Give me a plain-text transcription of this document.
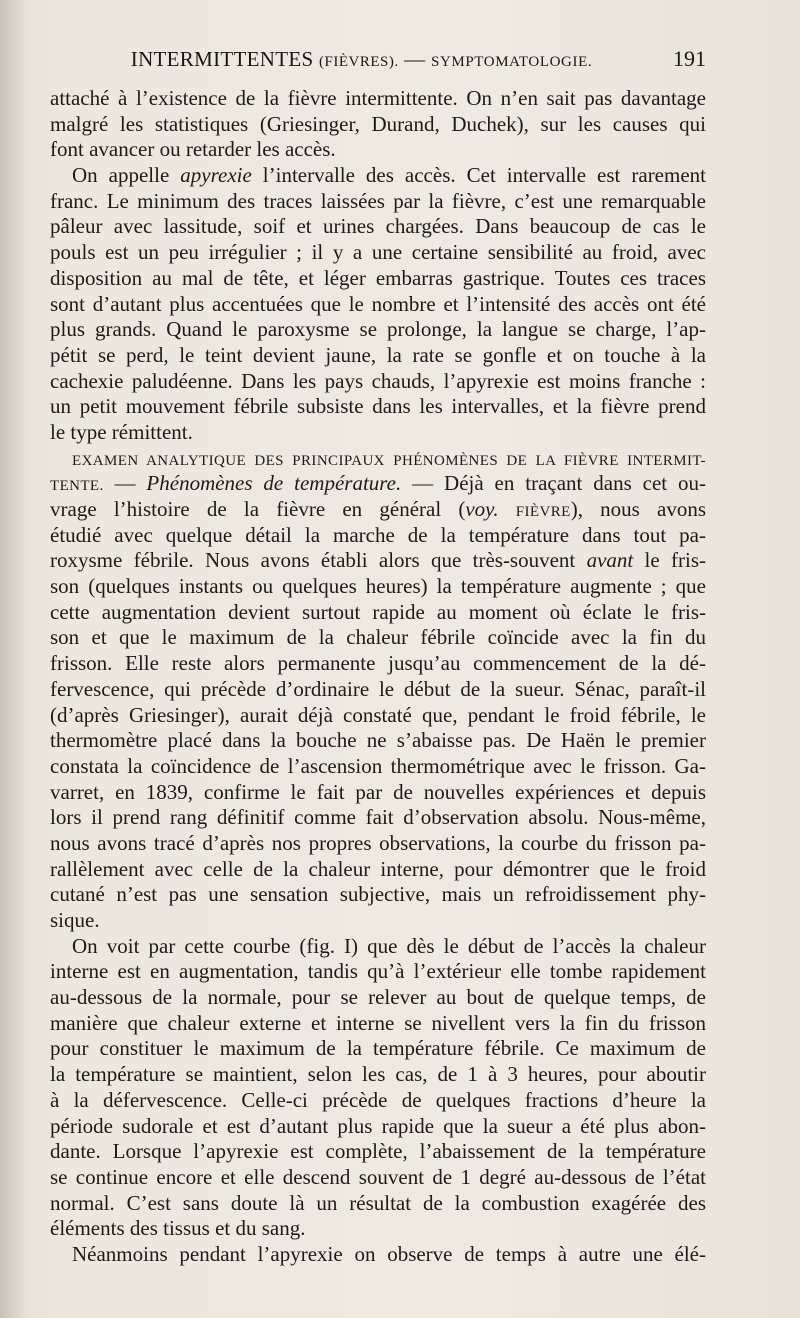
INTERMITTENTES (FIÈVRES). — SYMPTOMATOLOGIE.	191
attaché à l’existence de la fièvre intermittente. On n’en sait pas davantage
malgré les statistiques (Griesinger, Durand, Duchek), sur les causes qui
font avancer ou retarder les accès.
On appelle apyrexie l’intervalle des accès. Cet intervalle est rarement
franc. Le minimum des traces laissées par la fièvre, c’est une remarquable
pâleur avec lassitude, soif et urines chargées. Dans beaucoup de cas le
pouls est un peu irrégulier ; il y a une certaine sensibilité au froid, avec
disposition au mal de tête, et léger embarras gastrique. Toutes ces traces
sont d’autant plus accentuées que le nombre et l’intensité des accès ont été
plus grands. Quand le paroxysme se prolonge, la langue se charge, l’ap-
pétit se perd, le teint devient jaune, la rate se gonfle et on touche à la
cachexie paludéenne. Dans les pays chauds, l’apyrexie est moins franche :
un petit mouvement fébrile subsiste dans les intervalles, et la fièvre prend
le type rémittent.
EXAMEN ANALYTIQUE DES PRINCIPAUX PHÉNOMÈNES DE LA FIÈVRE INTERMIT-
TENTE. — Phénomènes de température. — Déjà en traçant dans cet ou-
vrage l’histoire de la fièvre en général (voy. FIÈVRE), nous avons
étudié avec quelque détail la marche de la température dans tout pa-
roxysme fébrile. Nous avons établi alors que très-souvent avant le fris-
son (quelques instants ou quelques heures) la température augmente ; que
cette augmentation devient surtout rapide au moment où éclate le fris-
son et que le maximum de la chaleur fébrile coïncide avec la fin du
frisson. Elle reste alors permanente jusqu’au commencement de la dé-
fervescence, qui précède d’ordinaire le début de la sueur. Sénac, paraît-il
(d’après Griesinger), aurait déjà constaté que, pendant le froid fébrile, le
thermomètre placé dans la bouche ne s’abaisse pas. De Haën le premier
constata la coïncidence de l’ascension thermométrique avec le frisson. Ga-
varret, en 1839, confirme le fait par de nouvelles expériences et depuis
lors il prend rang définitif comme fait d’observation absolu. Nous-même,
nous avons tracé d’après nos propres observations, la courbe du frisson pa-
rallèlement avec celle de la chaleur interne, pour démontrer que le froid
cutané n’est pas une sensation subjective, mais un refroidissement phy-
sique.
On voit par cette courbe (fig. I) que dès le début de l’accès la chaleur
interne est en augmentation, tandis qu’à l’extérieur elle tombe rapidement
au-dessous de la normale, pour se relever au bout de quelque temps, de
manière que chaleur externe et interne se nivellent vers la fin du frisson
pour constituer le maximum de la température fébrile. Ce maximum de
la température se maintient, selon les cas, de 1 à 3 heures, pour aboutir
à la défervescence. Celle-ci précède de quelques fractions d’heure la
période sudorale et est d’autant plus rapide que la sueur a été plus abon-
dante. Lorsque l’apyrexie est complète, l’abaissement de la température
se continue encore et elle descend souvent de 1 degré au-dessous de l’état
normal. C’est sans doute là un résultat de la combustion exagérée des
éléments des tissus et du sang.
Néanmoins pendant l’apyrexie on observe de temps à autre une élé-
